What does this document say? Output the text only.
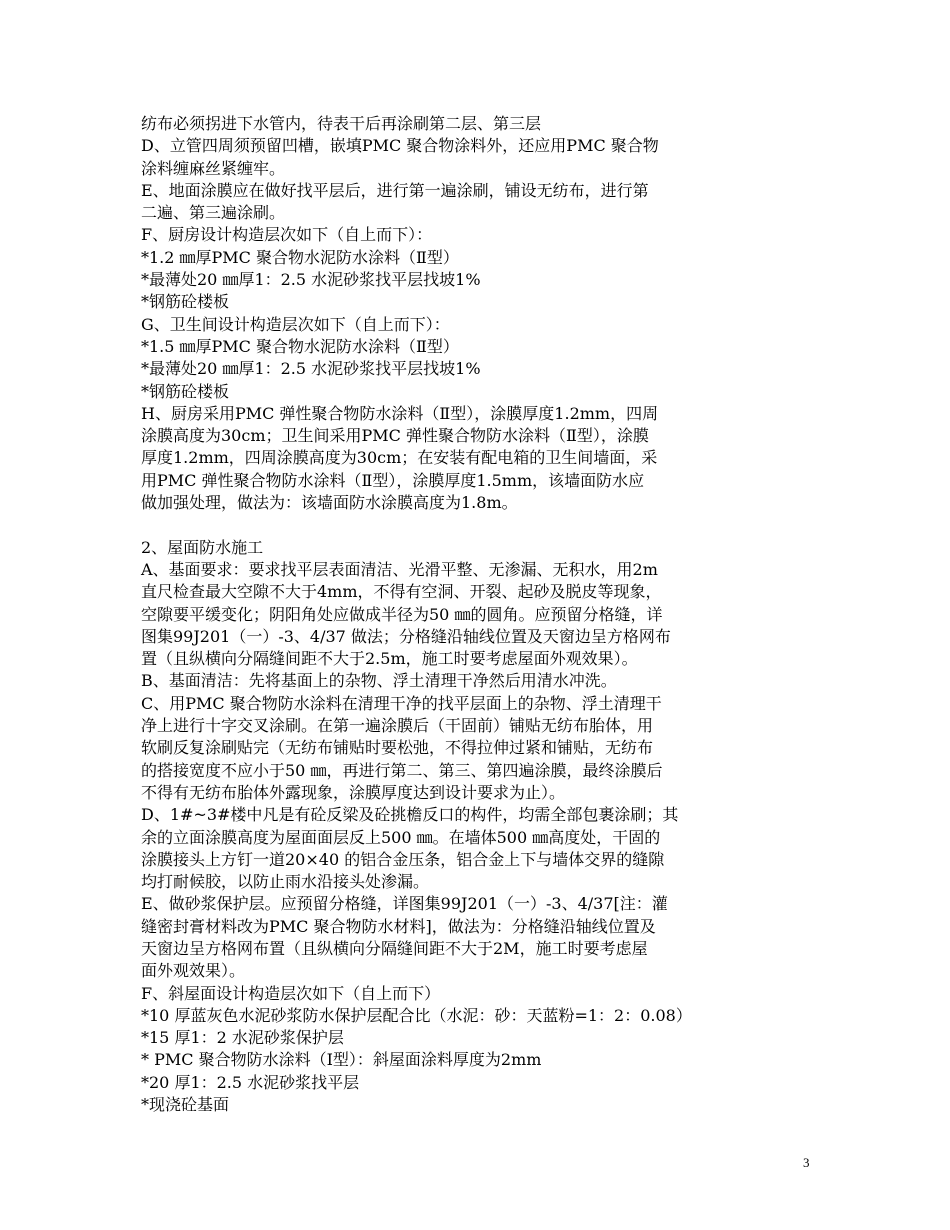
纺布必须拐进下水管内，待表干后再涂刷第二层、第三层
D、立管四周须预留凹槽，嵌填PMC 聚合物涂料外，还应用PMC 聚合物
涂料缠麻丝紧缠牢。
E、地面涂膜应在做好找平层后，进行第一遍涂刷，铺设无纺布，进行第
二遍、第三遍涂刷。
F、厨房设计构造层次如下（自上而下）：
*1.2 ㎜厚PMC 聚合物水泥防水涂料（Ⅱ型）
*最薄处20 ㎜厚1：2.5 水泥砂浆找平层找坡1%
*钢筋砼楼板
G、卫生间设计构造层次如下（自上而下）：
*1.5 ㎜厚PMC 聚合物水泥防水涂料（Ⅱ型）
*最薄处20 ㎜厚1：2.5 水泥砂浆找平层找坡1%
*钢筋砼楼板
H、厨房采用PMC 弹性聚合物防水涂料（Ⅱ型），涂膜厚度1.2mm，四周
涂膜高度为30cm；卫生间采用PMC 弹性聚合物防水涂料（Ⅱ型），涂膜
厚度1.2mm，四周涂膜高度为30cm；在安装有配电箱的卫生间墙面，采
用PMC 弹性聚合物防水涂料（Ⅱ型），涂膜厚度1.5mm，该墙面防水应
做加强处理，做法为：该墙面防水涂膜高度为1.8m。
2、屋面防水施工
A、基面要求：要求找平层表面清洁、光滑平整、无渗漏、无积水，用2m
直尺检查最大空隙不大于4mm，不得有空洞、开裂、起砂及脱皮等现象，
空隙要平缓变化；阴阳角处应做成半径为50 ㎜的圆角。应预留分格缝，详
图集99J201（一）-3、4/37 做法；分格缝沿轴线位置及天窗边呈方格网布
置（且纵横向分隔缝间距不大于2.5m，施工时要考虑屋面外观效果）。
B、基面清洁：先将基面上的杂物、浮土清理干净然后用清水冲洗。
C、用PMC 聚合物防水涂料在清理干净的找平层面上的杂物、浮土清理干
净上进行十字交叉涂刷。在第一遍涂膜后（干固前）铺贴无纺布胎体，用
软刷反复涂刷贴完（无纺布铺贴时要松弛，不得拉伸过紧和铺贴，无纺布
的搭接宽度不应小于50 ㎜，再进行第二、第三、第四遍涂膜，最终涂膜后
不得有无纺布胎体外露现象，涂膜厚度达到设计要求为止）。
D、1#~3#楼中凡是有砼反梁及砼挑檐反口的构件，均需全部包裹涂刷；其
余的立面涂膜高度为屋面面层反上500 ㎜。在墙体500 ㎜高度处，干固的
涂膜接头上方钉一道20×40 的铝合金压条，铝合金上下与墙体交界的缝隙
均打耐候胶，以防止雨水沿接头处渗漏。
E、做砂浆保护层。应预留分格缝，详图集99J201（一）-3、4/37[注：灌
缝密封膏材料改为PMC 聚合物防水材料]，做法为：分格缝沿轴线位置及
天窗边呈方格网布置（且纵横向分隔缝间距不大于2M，施工时要考虑屋
面外观效果）。
F、斜屋面设计构造层次如下（自上而下）
*10 厚蓝灰色水泥砂浆防水保护层配合比（水泥：砂：天蓝粉=1：2：0.08）
*15 厚1：2 水泥砂浆保护层
* PMC 聚合物防水涂料（Ⅰ型）：斜屋面涂料厚度为2mm
*20 厚1：2.5 水泥砂浆找平层
*现浇砼基面
3
